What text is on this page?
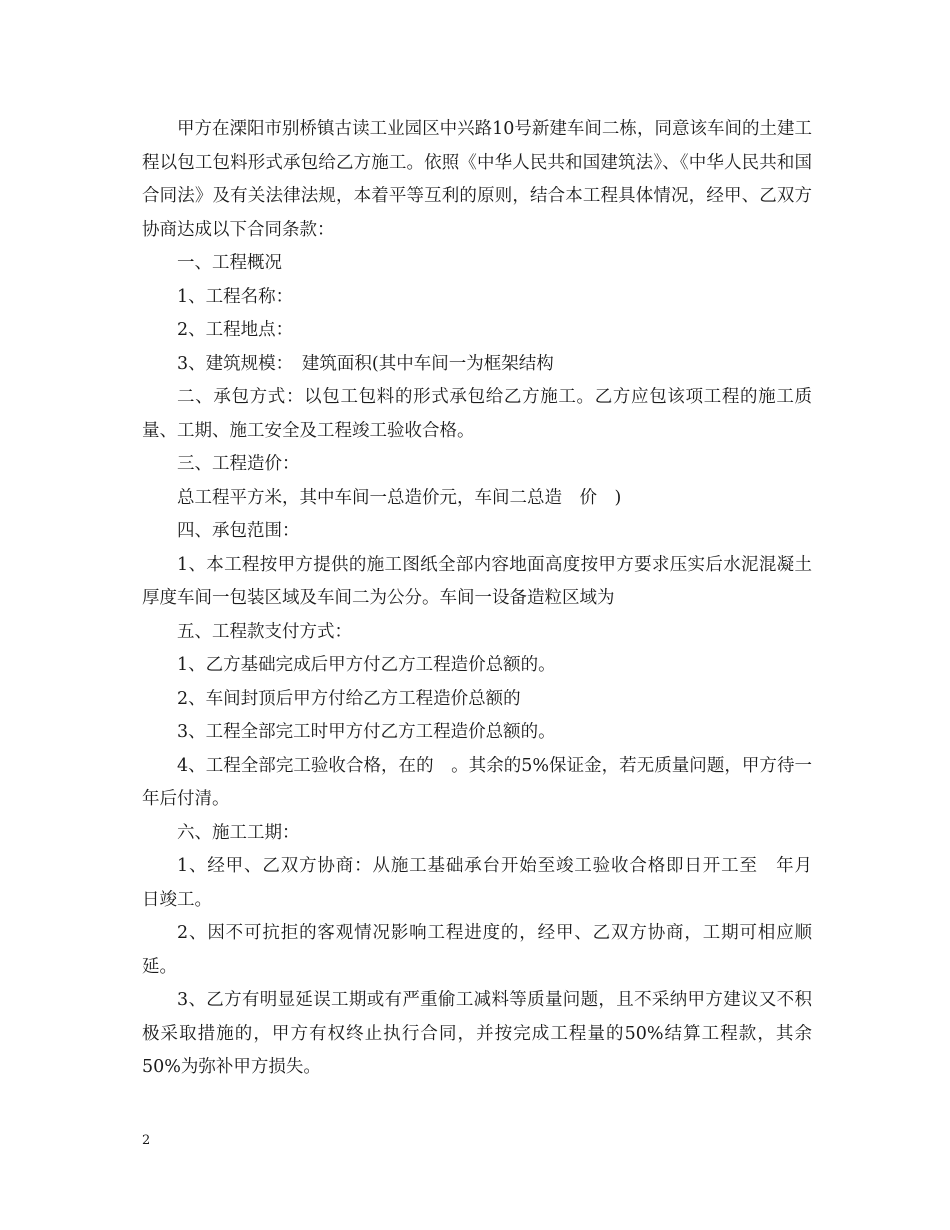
甲方在溧阳市别桥镇古读工业园区中兴路10号新建车间二栋，同意该车间的土建工程以包工包料形式承包给乙方施工。依照《中华人民共和国建筑法》、《中华人民共和国合同法》及有关法律法规，本着平等互利的原则，结合本工程具体情况，经甲、乙双方协商达成以下合同条款：

一、工程概况

1、工程名称：

2、工程地点：

3、建筑规模：　建筑面积(其中车间一为框架结构

二、承包方式：以包工包料的形式承包给乙方施工。乙方应包该项工程的施工质量、工期、施工安全及工程竣工验收合格。

三、工程造价：

总工程平方米，其中车间一总造价元，车间二总造　价　)

四、承包范围：

1、本工程按甲方提供的施工图纸全部内容地面高度按甲方要求压实后水泥混凝土厚度车间一包装区域及车间二为公分。车间一设备造粒区域为

五、工程款支付方式：

1、乙方基础完成后甲方付乙方工程造价总额的。

2、车间封顶后甲方付给乙方工程造价总额的

3、工程全部完工时甲方付乙方工程造价总额的。

4、工程全部完工验收合格，在的　。其余的5%保证金，若无质量问题，甲方待一年后付清。

六、施工工期：

1、经甲、乙双方协商：从施工基础承台开始至竣工验收合格即日开工至　年月　日竣工。

2、因不可抗拒的客观情况影响工程进度的，经甲、乙双方协商，工期可相应顺延。

3、乙方有明显延误工期或有严重偷工减料等质量问题，且不采纳甲方建议又不积极采取措施的，甲方有权终止执行合同，并按完成工程量的50%结算工程款，其余50%为弥补甲方损失。

2
